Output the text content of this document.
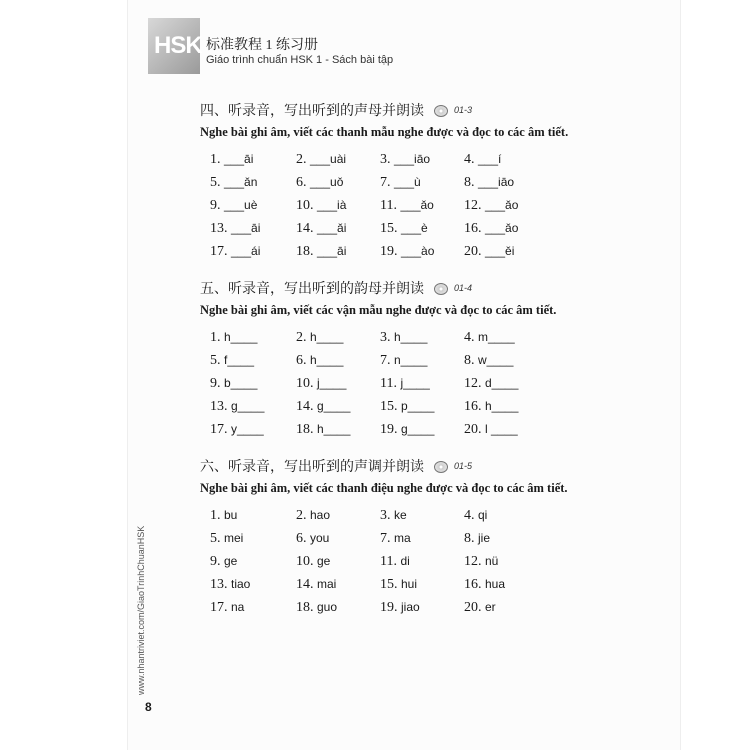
HSK 标准教程 1 练习册
Giáo trình chuẩn HSK 1 - Sách bài tập
四、听录音，写出听到的声母并朗读	01-3
Nghe bài ghi âm, viết các thanh mẫu nghe được và đọc to các âm tiết.
1. ___āi	2. ___uài 3. ___iāo 4. ___í
5. ___ǎn	6. ___uǒ	7. ___ù	8. ___iāo
9. ___uè	10. ___ià 11. ___ǎo 12. ___ǎo
13. ___āi	14. ___ǎi 15. ___è	16. ___ǎo
17. ___ái	18. ___āi 19. ___ào 20. ___ěi
五、听录音，写出听到的韵母并朗读	01-4
Nghe bài ghi âm, viết các vận mẫu nghe được và đọc to các âm tiết.
1. h____	2. h____	3. h____	4. m____
5. f____	6. h____	7. n____	8. w____
9. b____	10. j____ 11. j____ 12. d____
13. g____ 14. g____ 15. p____ 16. h____
17. y____ 18. h____ 19. g____ 20. l ____
六、听录音，写出听到的声调并朗读	01-5
Nghe bài ghi âm, viết các thanh điệu nghe được và đọc to các âm tiết.
1. bu	2. hao	3. ke	4. qi
5. mei	6. you	7. ma	8. jie
9. ge	10. ge	11. di	12. nü
13. tiao	14. mai	15. hui	16. hua
17. na	18. guo	19. jiao	20. er
www.nhantriviet.com/GiaoTrinhChuanHSK
8
